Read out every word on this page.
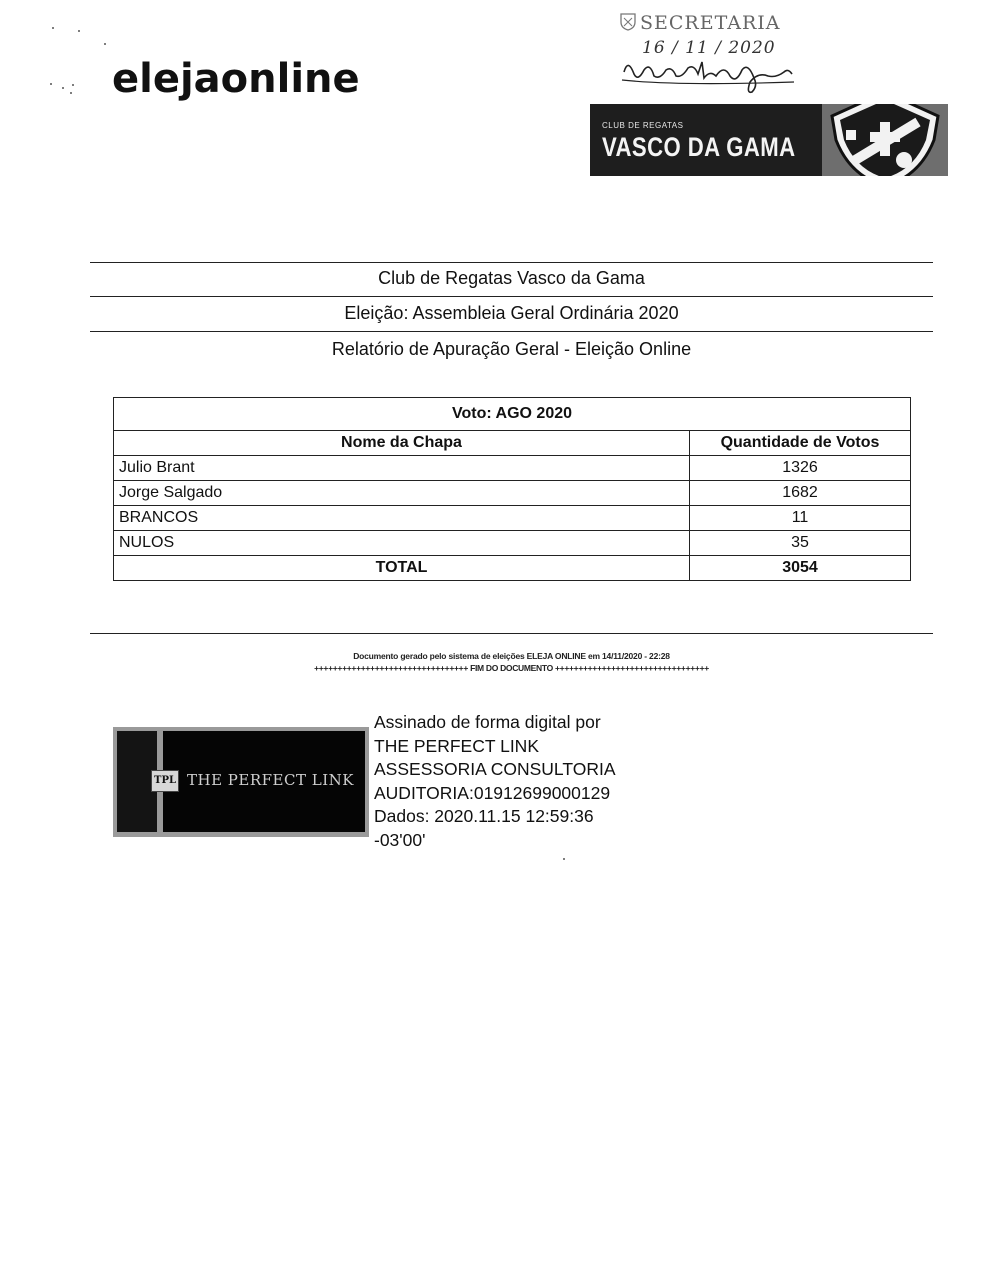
elejaonline
SECRETARIA
16 / 11 / 2020
CLUB DE REGATAS
VASCO DA GAMA
Club de Regatas Vasco da Gama
Eleição: Assembleia Geral Ordinária 2020
Relatório de Apuração Geral - Eleição Online
Voto: AGO 2020	
Nome da Chapa	Quantidade de Votos
Julio Brant	1326
Jorge Salgado	1682
BRANCOS	11
NULOS	35
TOTAL	3054
Documento gerado pelo sistema de eleições ELEJA ONLINE em 14/11/2020 - 22:28
+++++++++++++++++++++++++++++++++ FIM DO DOCUMENTO +++++++++++++++++++++++++++++++++
TPL THE PERFECT LINK
Assinado de forma digital por
THE PERFECT LINK
ASSESSORIA CONSULTORIA
AUDITORIA:01912699000129
Dados: 2020.11.15 12:59:36
-03'00'
